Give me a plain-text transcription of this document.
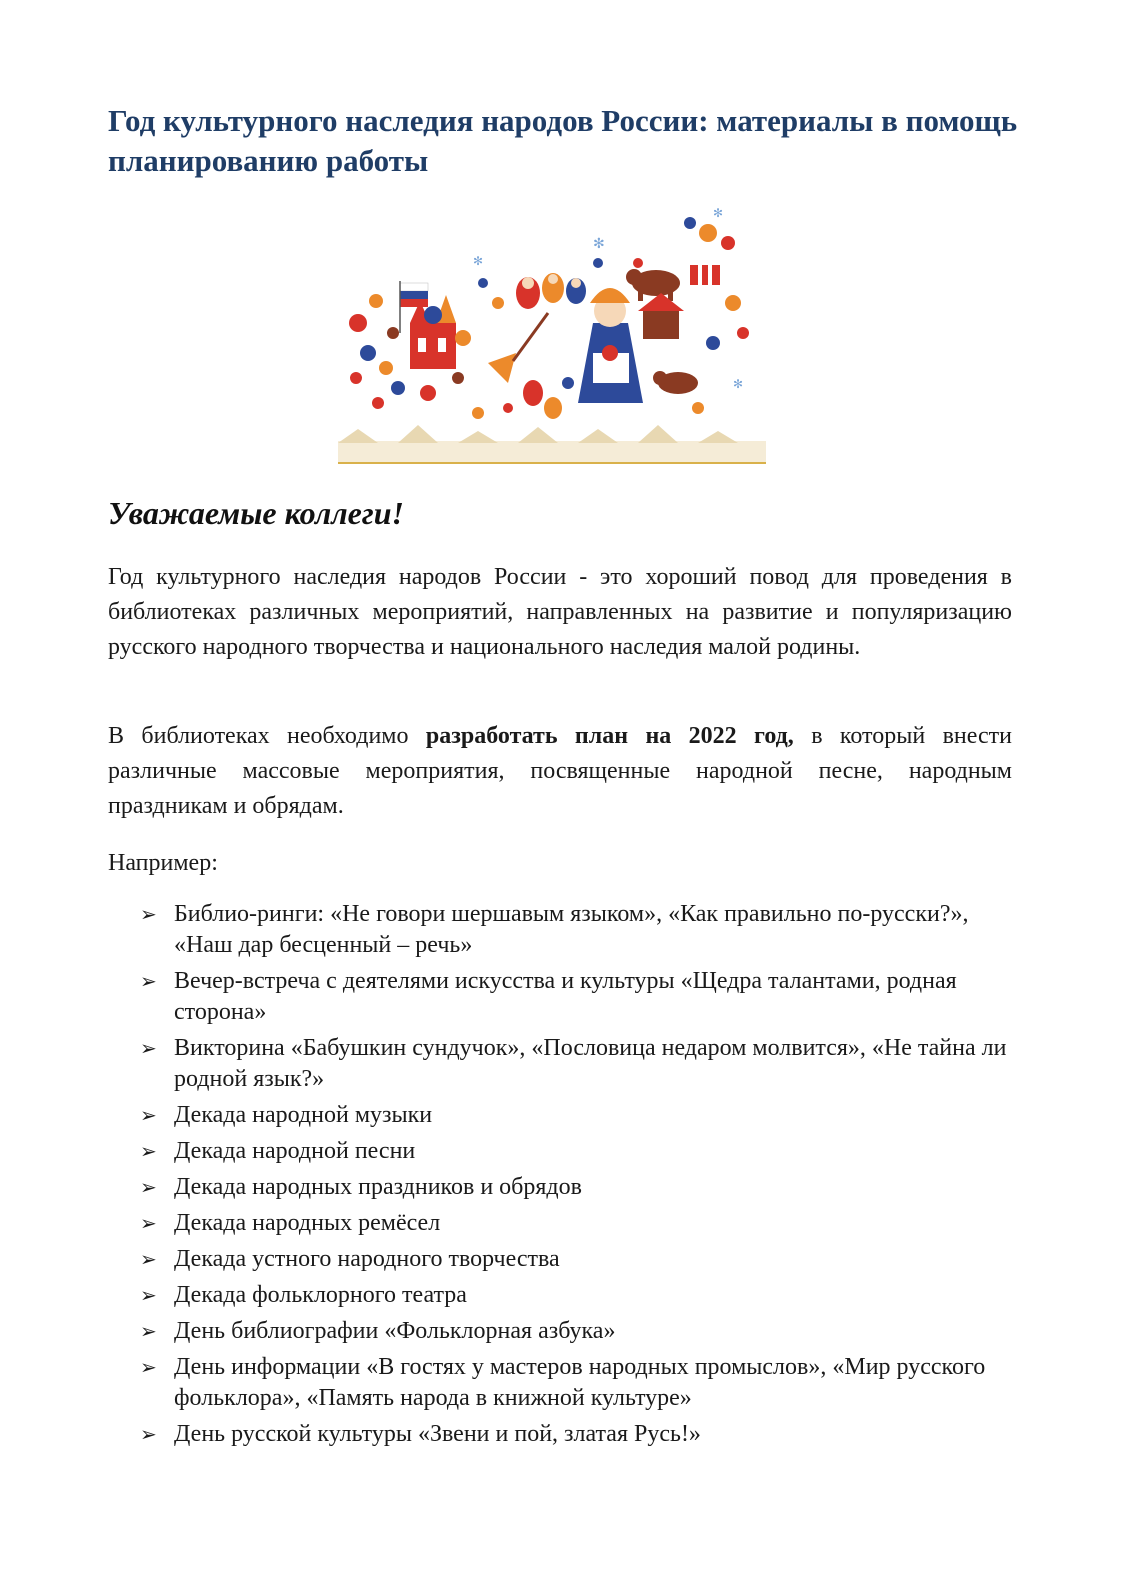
Год культурного наследия народов России: материалы в помощь планированию работы
✻
✻
✻
✻
Уважаемые коллеги!

Год культурного наследия народов России - это хороший повод для проведения в библиотеках различных мероприятий, направленных на развитие и популяризацию русского народного творчества и национального наследия малой родины.

В библиотеках необходимо разработать план на 2022 год, в который внести различные массовые мероприятия, посвященные народной песне, народным праздникам и обрядам.

Например:

➢ Библио-ринги: «Не говори шершавым языком», «Как правильно по-русски?», «Наш дар бесценный – речь»
➢ Вечер-встреча с деятелями искусства и культуры «Щедра талантами, родная сторона»
➢ Викторина «Бабушкин сундучок», «Пословица недаром молвится», «Не тайна ли родной язык?»
➢ Декада народной музыки
➢ Декада народной песни
➢ Декада народных праздников и обрядов
➢ Декада народных ремёсел
➢ Декада устного народного творчества
➢ Декада фольклорного театра
➢ День библиографии «Фольклорная азбука»
➢ День информации «В гостях у мастеров народных промыслов», «Мир русского фольклора», «Память народа в книжной культуре»
➢ День русской культуры «Звени и пой, златая Русь!»
